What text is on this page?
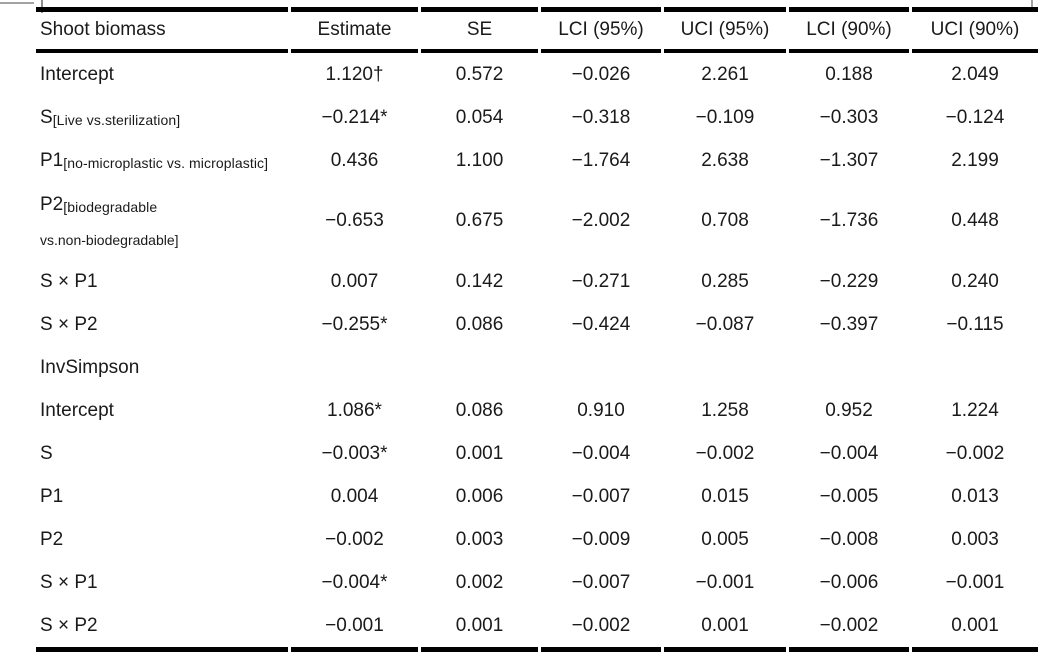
Shoot biomass	Estimate	SE	LCI (95%)	UCI (95%)	LCI (90%)	UCI (90%)
Intercept	1.120†	0.572	−0.026	2.261	0.188	2.049
S[Live vs.sterilization]	−0.214*	0.054	−0.318	−0.109	−0.303	−0.124
P1[no-microplastic vs. microplastic]	0.436	1.100	−1.764	2.638	−1.307	2.199
P2[biodegradable
vs.non-biodegradable]	−0.653	0.675	−2.002	0.708	−1.736	0.448
S × P1	0.007	0.142	−0.271	0.285	−0.229	0.240
S × P2	−0.255*	0.086	−0.424	−0.087	−0.397	−0.115
InvSimpson						
Intercept	1.086*	0.086	0.910	1.258	0.952	1.224
S	−0.003*	0.001	−0.004	−0.002	−0.004	−0.002
P1	0.004	0.006	−0.007	0.015	−0.005	0.013
P2	−0.002	0.003	−0.009	0.005	−0.008	0.003
S × P1	−0.004*	0.002	−0.007	−0.001	−0.006	−0.001
S × P2	−0.001	0.001	−0.002	0.001	−0.002	0.001
